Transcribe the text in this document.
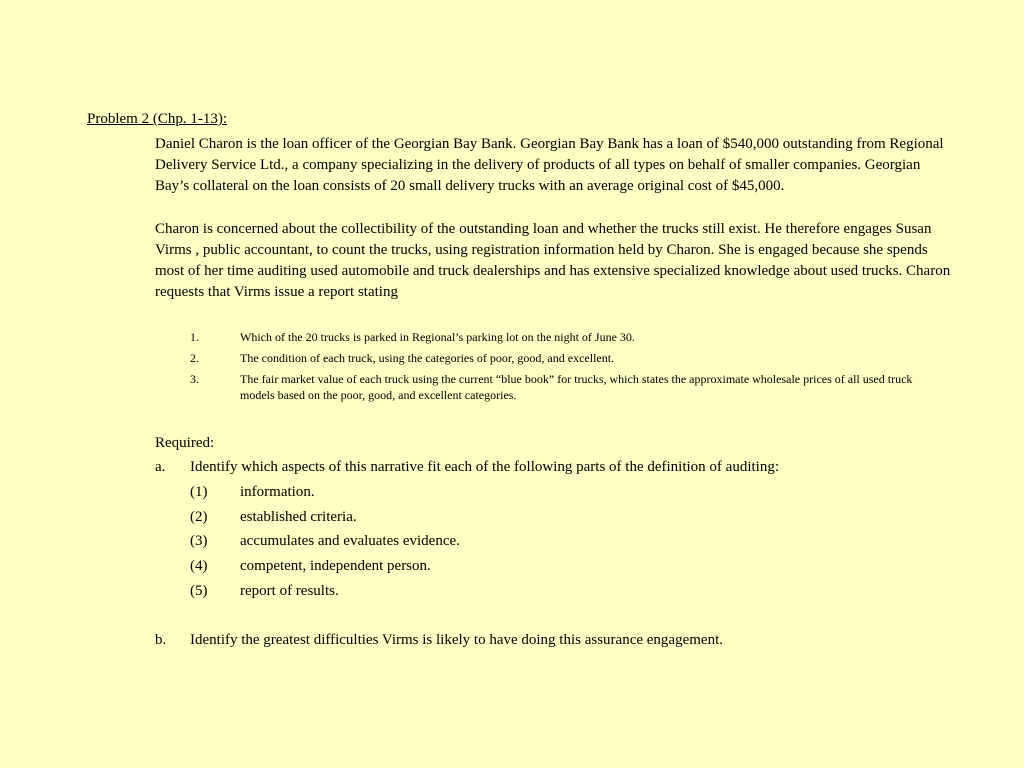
Problem 2 (Chp. 1-13):
Daniel Charon is the loan officer of the Georgian Bay Bank. Georgian Bay Bank has a loan of $540,000 outstanding from Regional Delivery Service Ltd., a company specializing in the delivery of products of all types on behalf of smaller companies. Georgian Bay’s collateral on the loan consists of 20 small delivery trucks with an average original cost of $45,000.
Charon is concerned about the collectibility of the outstanding loan and whether the trucks still exist. He therefore engages Susan Virms , public accountant, to count the trucks, using registration information held by Charon. She is engaged because she spends most of her time auditing used automobile and truck dealerships and has extensive specialized knowledge about used trucks. Charon requests that Virms issue a report stating
1.	Which of the 20 trucks is parked in Regional’s parking lot on the night of June 30.
2.	The condition of each truck, using the categories of poor, good, and excellent.
3.	The fair market value of each truck using the current “blue book” for trucks, which states the approximate wholesale prices of all used truck models based on the poor, good, and excellent categories.
Required:
a. Identify which aspects of this narrative fit each of the following parts of the definition of auditing:
(1) information.
(2) established criteria.
(3) accumulates and evaluates evidence.
(4) competent, independent person.
(5) report of results.
b. Identify the greatest difficulties Virms is likely to have doing this assurance engagement.
